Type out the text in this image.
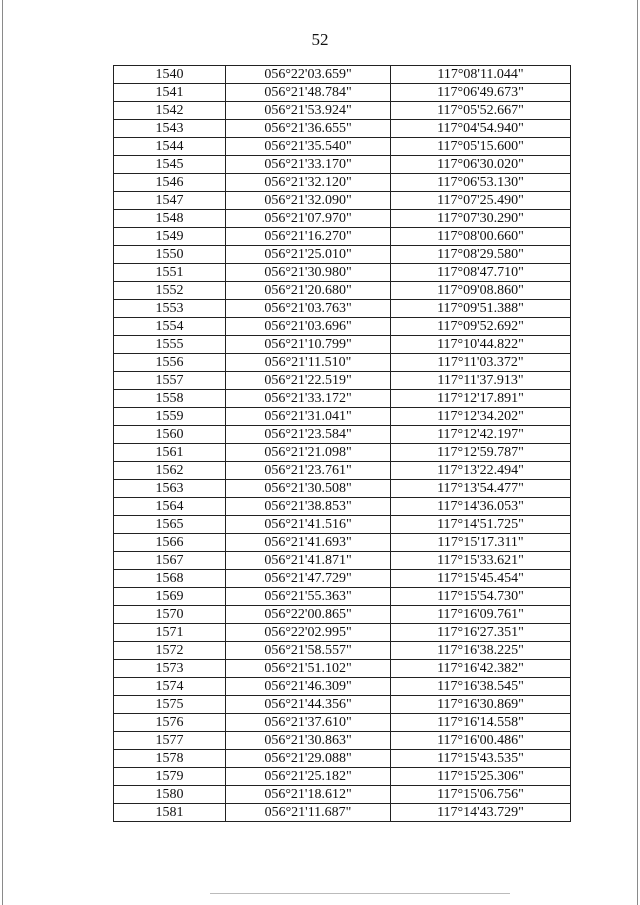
52
1540	056°22'03.659"	117°08'11.044"
1541	056°21'48.784"	117°06'49.673"
1542	056°21'53.924"	117°05'52.667"
1543	056°21'36.655"	117°04'54.940"
1544	056°21'35.540"	117°05'15.600"
1545	056°21'33.170"	117°06'30.020"
1546	056°21'32.120"	117°06'53.130"
1547	056°21'32.090"	117°07'25.490"
1548	056°21'07.970"	117°07'30.290"
1549	056°21'16.270"	117°08'00.660"
1550	056°21'25.010"	117°08'29.580"
1551	056°21'30.980"	117°08'47.710"
1552	056°21'20.680"	117°09'08.860"
1553	056°21'03.763"	117°09'51.388"
1554	056°21'03.696"	117°09'52.692"
1555	056°21'10.799"	117°10'44.822"
1556	056°21'11.510"	117°11'03.372"
1557	056°21'22.519"	117°11'37.913"
1558	056°21'33.172"	117°12'17.891"
1559	056°21'31.041"	117°12'34.202"
1560	056°21'23.584"	117°12'42.197"
1561	056°21'21.098"	117°12'59.787"
1562	056°21'23.761"	117°13'22.494"
1563	056°21'30.508"	117°13'54.477"
1564	056°21'38.853"	117°14'36.053"
1565	056°21'41.516"	117°14'51.725"
1566	056°21'41.693"	117°15'17.311"
1567	056°21'41.871"	117°15'33.621"
1568	056°21'47.729"	117°15'45.454"
1569	056°21'55.363"	117°15'54.730"
1570	056°22'00.865"	117°16'09.761"
1571	056°22'02.995"	117°16'27.351"
1572	056°21'58.557"	117°16'38.225"
1573	056°21'51.102"	117°16'42.382"
1574	056°21'46.309"	117°16'38.545"
1575	056°21'44.356"	117°16'30.869"
1576	056°21'37.610"	117°16'14.558"
1577	056°21'30.863"	117°16'00.486"
1578	056°21'29.088"	117°15'43.535"
1579	056°21'25.182"	117°15'25.306"
1580	056°21'18.612"	117°15'06.756"
1581	056°21'11.687"	117°14'43.729"
